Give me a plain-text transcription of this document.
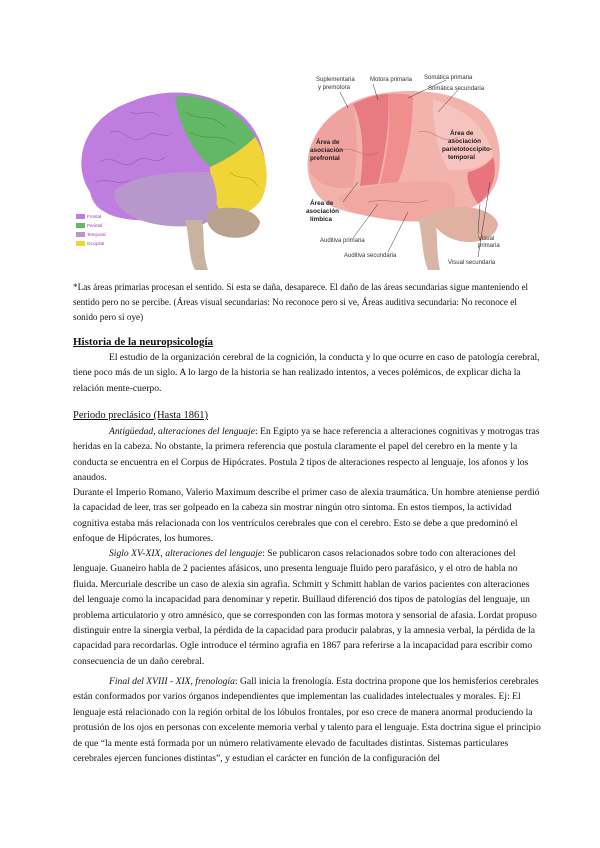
Frontal
Parietal
Temporal
Occipital
Suplementaria
y premotora
Motora primaria Somática primaria
Somática secundaria
Área de
asociación
prefrontal
Área de
asociación
parietotoccipito-
temporal
Área de
asociación
límbica
Auditiva primaria
Auditiva secundaria
Visual
primaria
Visual secundaria
*Las áreas primarias procesan el sentido. Si esta se daña, desaparece. El daño de las áreas secundarias sigue manteniendo el sentido pero no se percibe. (Áreas visual secundarias: No reconoce pero si ve, Áreas auditiva secundaria: No reconoce el sonido pero si oye)
Historia de la neuropsicología

El estudio de la organización cerebral de la cognición, la conducta y lo que ocurre en caso de patología cerebral, tiene poco más de un siglo. A lo largo de la historia se han realizado intentos, a veces polémicos, de explicar dicha la relación mente-cuerpo.

Periodo preclásico (Hasta 1861)

Antigüedad, alteraciones del lenguaje: En Egipto ya se hace referencia a alteraciones cognitivas y motrogas tras heridas en la cabeza. No obstante, la primera referencia que postula claramente el papel del cerebro en la mente y la conducta se encuentra en el Corpus de Hipócrates. Postula 2 tipos de alteraciones respecto al lenguaje, los afonos y los anaudos.

Durante el Imperio Romano, Valerio Maximum describe el primer caso de alexia traumática. Un hombre ateniense perdió la capacidad de leer, tras ser golpeado en la cabeza sin mostrar ningún otro síntoma. En estos tiempos, la actividad cognitiva estaba más relacionada con los ventrículos cerebrales que con el cerebro. Esto se debe a que predominó el enfoque de Hipócrates, los humores.

Siglo XV-XIX, alteraciones del lenguaje: Se publicaron casos relacionados sobre todo con alteraciones del lenguaje. Guaneiro habla de 2 pacientes afásicos, uno presenta lenguaje fluido pero parafásico, y el otro de habla no fluida. Mercuriale describe un caso de alexia sin agrafia. Schmitt y Schmitt hablan de varios pacientes con alteraciones del lenguaje como la incapacidad para denominar y repetir. Buillaud diferenció dos tipos de patologías del lenguaje, un problema articulatorio y otro amnésico, que se corresponden con las formas motora y sensorial de afasia. Lordat propuso distinguir entre la sinergia verbal, la pérdida de la capacidad para producir palabras, y la amnesia verbal, la pérdida de la capacidad para recordarlas. Ogle introduce el término agrafia en 1867 para referirse a la incapacidad para escribir como consecuencia de un daño cerebral.

Final del XVIII - XIX, frenología: Gall inicia la frenología. Esta doctrina propone que los hemisferios cerebrales están conformados por varios órganos independientes que implementan las cualidades intelectuales y morales. Ej: El lenguaje está relacionado con la región orbital de los lóbulos frontales, por eso crece de manera anormal produciendo la protusión de los ojos en personas con excelente memoria verbal y talento para el lenguaje. Esta doctrina sigue el principio de que “la mente está formada por un número relativamente elevado de facultades distintas. Sistemas particulares cerebrales ejercen funciones distintas”, y estudian el carácter en función de la configuración del
